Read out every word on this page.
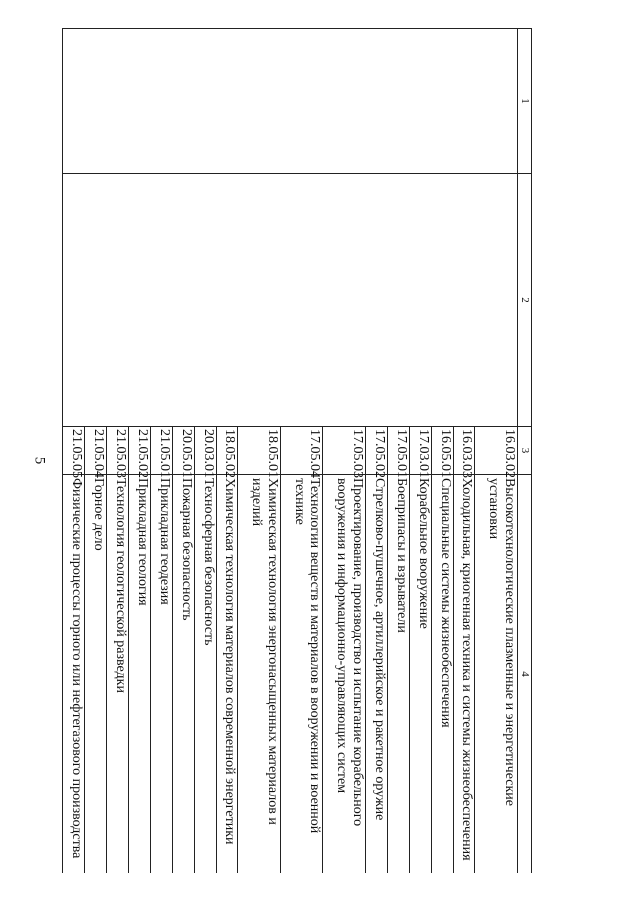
5
1	2	3	4
		16.03.02	Высокотехнологические плазменные и энергетические установки
		16.03.03	Холодильная, криогенная техника и системы жизнеобеспечения
		16.05.01	Специальные системы жизнеобеспечения
		17.03.01	Корабельное вооружение
		17.05.01	Боеприпасы и взрыватели
		17.05.02	Стрелково-пушечное, артиллерийское и ракетное оружие
		17.05.03	Проектирование, производство и испытание корабельного вооружения и информационно-управляющих систем
		17.05.04	Технологии веществ и материалов в вооружении и военной технике
		18.05.01	Химическая технология энергонасыщенных материалов и изделий
		18.05.02	Химическая технология материалов современной энергетики
		20.03.01	Техносферная безопасность
		20.05.01	Пожарная безопасность
		21.05.01	Прикладная геодезия
		21.05.02	Прикладная геология
		21.05.03	Технология геологической разведки
		21.05.04	Горное дело
		21.05.05	Физические процессы горного или нефтегазового производства
